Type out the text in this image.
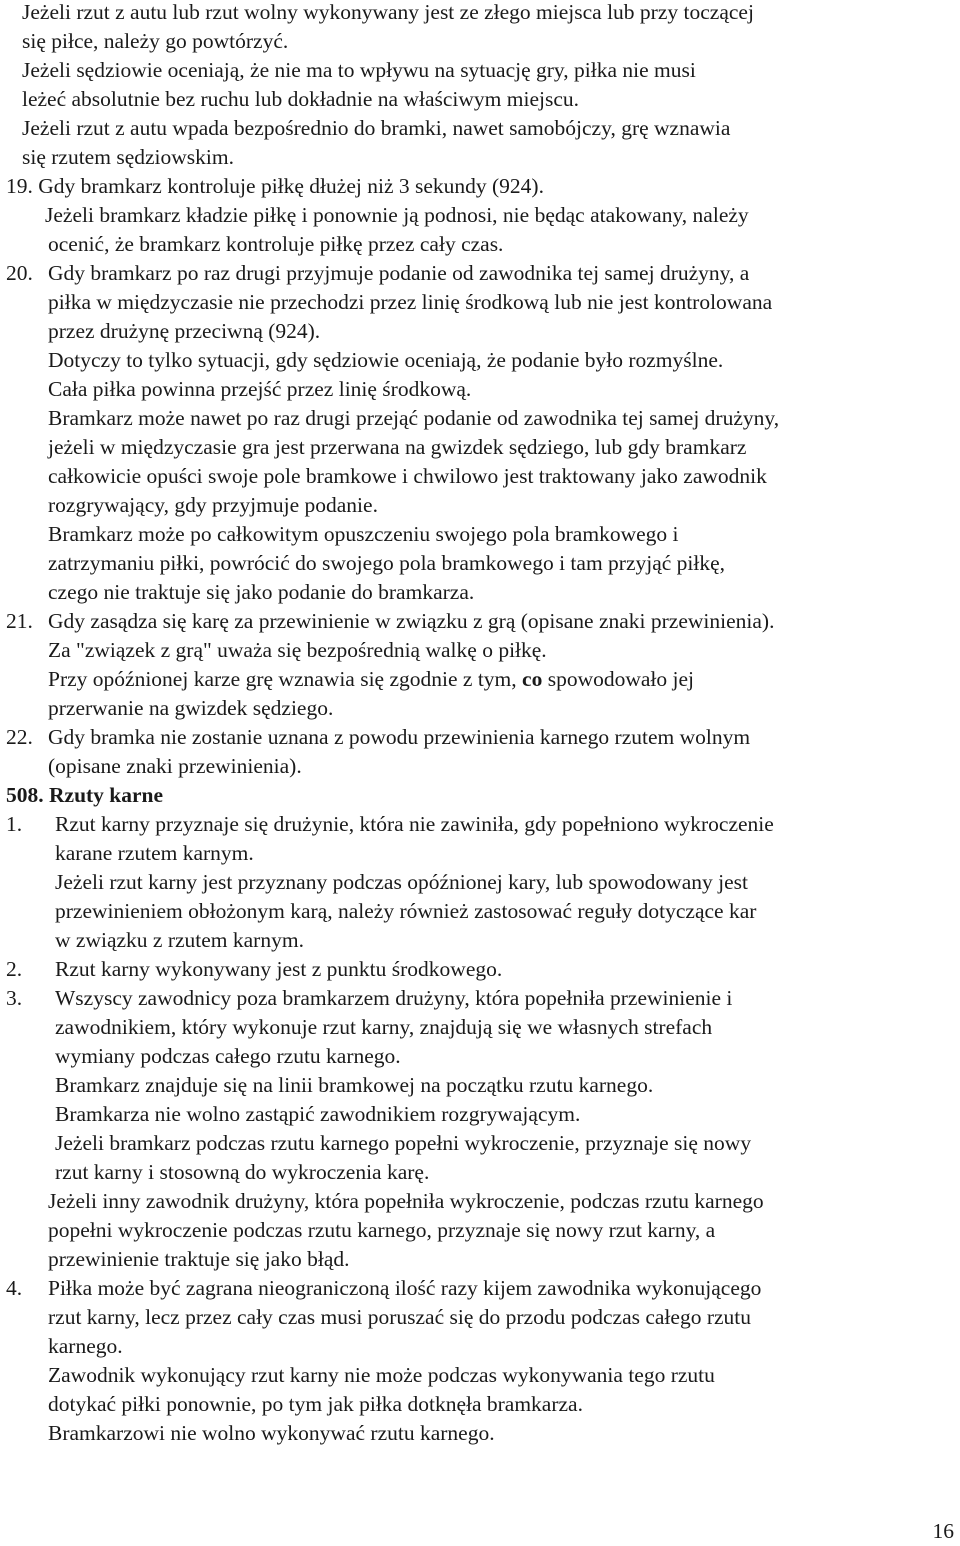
Jeżeli rzut z autu lub rzut wolny wykonywany jest ze złego miejsca lub przy toczącej

się piłce, należy go powtórzyć.

Jeżeli sędziowie oceniają, że nie ma to wpływu na sytuację gry, piłka nie musi

leżeć absolutnie bez ruchu lub dokładnie na właściwym miejscu.

Jeżeli rzut z autu wpada bezpośrednio do bramki, nawet samobójczy, grę wznawia

się rzutem sędziowskim.

19. Gdy bramkarz kontroluje piłkę dłużej niż 3 sekundy (924).

Jeżeli bramkarz kładzie piłkę i ponownie ją podnosi, nie będąc atakowany, należy

ocenić, że bramkarz kontroluje piłkę przez cały czas.

20. Gdy bramkarz po raz drugi przyjmuje podanie od zawodnika tej samej drużyny, a

piłka w międzyczasie nie przechodzi przez linię środkową lub nie jest kontrolowana

przez drużynę przeciwną (924).

Dotyczy to tylko sytuacji, gdy sędziowie oceniają, że podanie było rozmyślne.

Cała piłka powinna przejść przez linię środkową.

Bramkarz może nawet po raz drugi przejąć podanie od zawodnika tej samej drużyny,

jeżeli w międzyczasie gra jest przerwana na gwizdek sędziego, lub gdy bramkarz

całkowicie opuści swoje pole bramkowe i chwilowo jest traktowany jako zawodnik

rozgrywający, gdy przyjmuje podanie.

Bramkarz może po całkowitym opuszczeniu swojego pola bramkowego i

zatrzymaniu piłki, powrócić do swojego pola bramkowego i tam przyjąć piłkę,

czego nie traktuje się jako podanie do bramkarza.

21. Gdy zasądza się karę za przewinienie w związku z grą (opisane znaki przewinienia).

Za "związek z grą" uważa się bezpośrednią walkę o piłkę.

Przy opóźnionej karze grę wznawia się zgodnie z tym, co spowodowało jej

przerwanie na gwizdek sędziego.

22. Gdy bramka nie zostanie uznana z powodu przewinienia karnego rzutem wolnym

(opisane znaki przewinienia).

508. Rzuty karne

1. Rzut karny przyznaje się drużynie, która nie zawiniła, gdy popełniono wykroczenie

karane rzutem karnym.

Jeżeli rzut karny jest przyznany podczas opóźnionej kary, lub spowodowany jest

przewinieniem obłożonym karą, należy również zastosować reguły dotyczące kar

w związku z rzutem karnym.

2. Rzut karny wykonywany jest z punktu środkowego.

3. Wszyscy zawodnicy poza bramkarzem drużyny, która popełniła przewinienie i

zawodnikiem, który wykonuje rzut karny, znajdują się we własnych strefach

wymiany podczas całego rzutu karnego.

Bramkarz znajduje się na linii bramkowej na początku rzutu karnego.

Bramkarza nie wolno zastąpić zawodnikiem rozgrywającym.

Jeżeli bramkarz podczas rzutu karnego popełni wykroczenie, przyznaje się nowy

rzut karny i stosowną do wykroczenia karę.

Jeżeli inny zawodnik drużyny, która popełniła wykroczenie, podczas rzutu karnego

popełni wykroczenie podczas rzutu karnego, przyznaje się nowy rzut karny, a

przewinienie traktuje się jako błąd.

4. Piłka może być zagrana nieograniczoną ilość razy kijem zawodnika wykonującego

rzut karny, lecz przez cały czas musi poruszać się do przodu podczas całego rzutu

karnego.

Zawodnik wykonujący rzut karny nie może podczas wykonywania tego rzutu

dotykać piłki ponownie, po tym jak piłka dotknęła bramkarza.

Bramkarzowi nie wolno wykonywać rzutu karnego.

16
